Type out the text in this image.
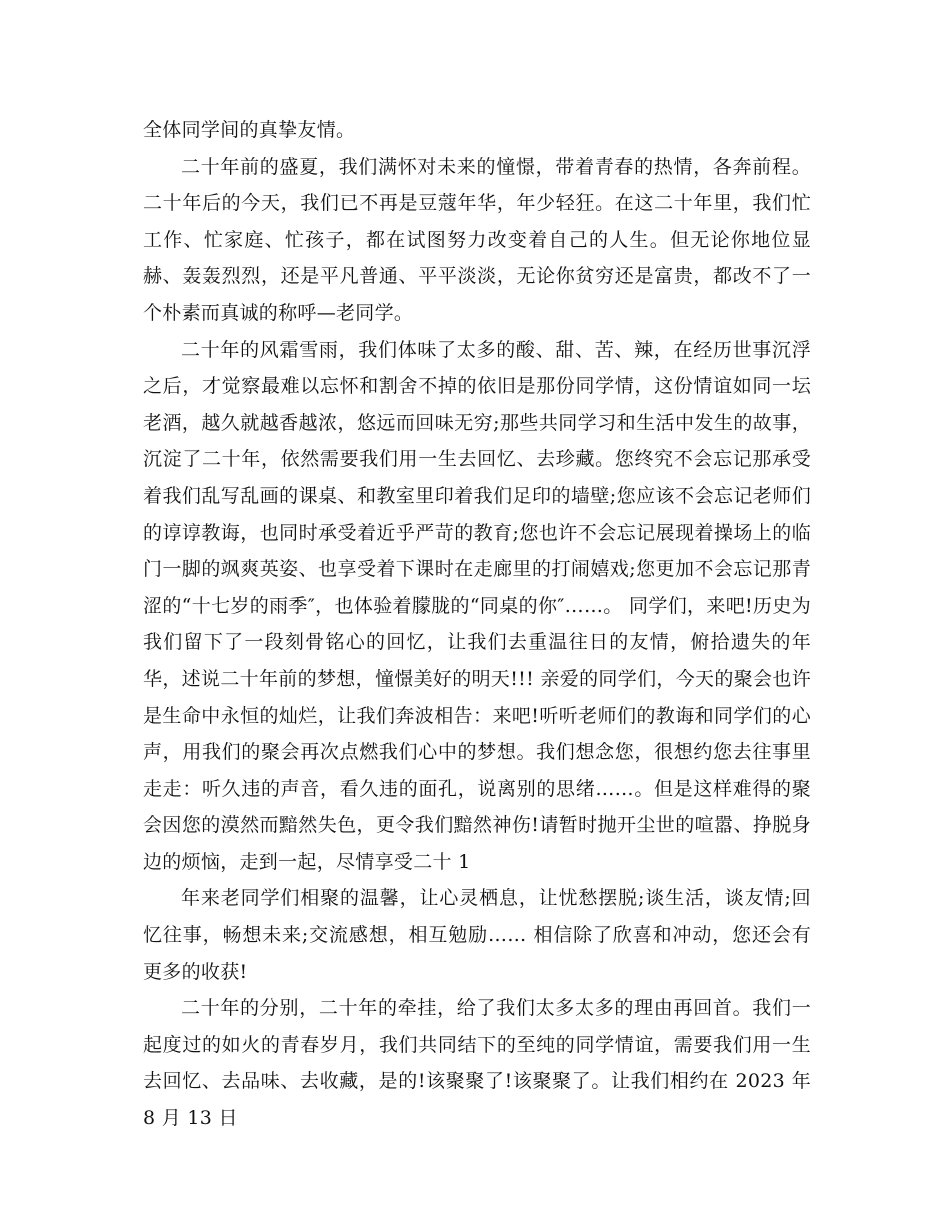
全体同学间的真挚友情。

二十年前的盛夏，我们满怀对未来的憧憬，带着青春的热情，各奔前程。二十年后的今天，我们已不再是豆蔻年华，年少轻狂。在这二十年里，我们忙工作、忙家庭、忙孩子，都在试图努力改变着自己的人生。但无论你地位显赫、轰轰烈烈，还是平凡普通、平平淡淡，无论你贫穷还是富贵，都改不了一个朴素而真诚的称呼—老同学。

二十年的风霜雪雨，我们体味了太多的酸、甜、苦、辣，在经历世事沉浮之后，才觉察最难以忘怀和割舍不掉的依旧是那份同学情，这份情谊如同一坛老酒，越久就越香越浓，悠远而回味无穷;那些共同学习和生活中发生的故事，沉淀了二十年，依然需要我们用一生去回忆、去珍藏。您终究不会忘记那承受着我们乱写乱画的课桌、和教室里印着我们足印的墙壁;您应该不会忘记老师们的谆谆教诲，也同时承受着近乎严苛的教育;您也许不会忘记展现着操场上的临门一脚的飒爽英姿、也享受着下课时在走廊里的打闹嬉戏;您更加不会忘记那青涩的“十七岁的雨季″，也体验着朦胧的“同桌的你″……。 同学们，来吧!历史为我们留下了一段刻骨铭心的回忆，让我们去重温往日的友情，俯拾遗失的年华，述说二十年前的梦想，憧憬美好的明天!!! 亲爱的同学们，今天的聚会也许是生命中永恒的灿烂，让我们奔波相告：来吧!听听老师们的教诲和同学们的心声，用我们的聚会再次点燃我们心中的梦想。我们想念您，很想约您去往事里走走：听久违的声音，看久违的面孔，说离别的思绪……。但是这样难得的聚会因您的漠然而黯然失色，更令我们黯然神伤!请暂时抛开尘世的喧嚣、挣脱身边的烦恼，走到一起，尽情享受二十 1

年来老同学们相聚的温馨，让心灵栖息，让忧愁摆脱;谈生活，谈友情;回忆往事，畅想未来;交流感想，相互勉励…… 相信除了欣喜和冲动，您还会有更多的收获!

二十年的分别，二十年的牵挂，给了我们太多太多的理由再回首。我们一起度过的如火的青春岁月，我们共同结下的至纯的同学情谊，需要我们用一生去回忆、去品味、去收藏，是的!该聚聚了!该聚聚了。让我们相约在 2023 年 8 月 13 日
